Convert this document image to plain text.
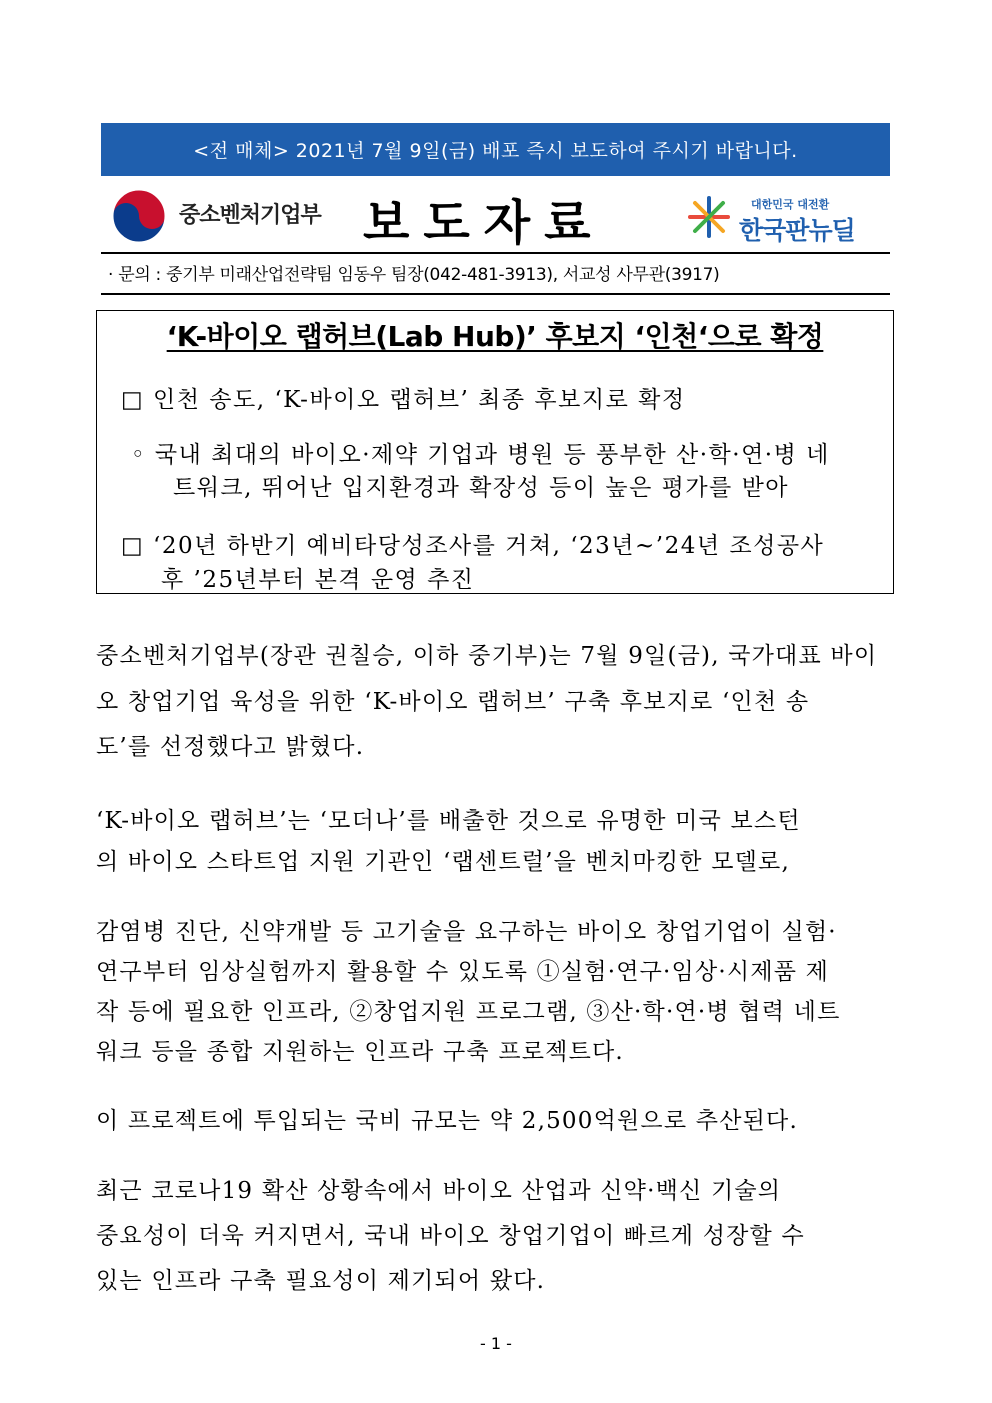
<전 매체> 2021년 7월 9일(금) 배포 즉시 보도하여 주시기 바랍니다.
중소벤처기업부 보도자료	대한민국 대전환
한국판뉴딜
· 문의 : 중기부 미래산업전략팀 임동우 팀장(042-481-3913), 서교성 사무관(3917)
‘K-바이오 랩허브(Lab Hub)’ 후보지 ‘인천‘으로 확정
□ 인천 송도, ‘K-바이오 랩허브’ 최종 후보지로 확정
◦ 국내 최대의 바이오·제약 기업과 병원 등 풍부한 산·학·연·병 네
트워크, 뛰어난 입지환경과 확장성 등이 높은 평가를 받아
□ ‘20년 하반기 예비타당성조사를 거쳐, ‘23년~’24년 조성공사
후 ’25년부터 본격 운영 추진
중소벤처기업부(장관 권칠승, 이하 중기부)는 7월 9일(금), 국가대표 바이
오 창업기업 육성을 위한 ‘K-바이오 랩허브’ 구축 후보지로 ‘인천 송
도’를 선정했다고 밝혔다.
‘K-바이오 랩허브’는 ‘모더나’를 배출한 것으로 유명한 미국 보스턴
의 바이오 스타트업 지원 기관인 ‘랩센트럴’을 벤치마킹한 모델로,
감염병 진단, 신약개발 등 고기술을 요구하는 바이오 창업기업이 실험·
연구부터 임상실험까지 활용할 수 있도록 ①실험·연구·임상·시제품 제
작 등에 필요한 인프라, ②창업지원 프로그램, ③산·학·연·병 협력 네트
워크 등을 종합 지원하는 인프라 구축 프로젝트다.
이 프로젝트에 투입되는 국비 규모는 약 2,500억원으로 추산된다.
최근 코로나19 확산 상황속에서 바이오 산업과 신약·백신 기술의
중요성이 더욱 커지면서, 국내 바이오 창업기업이 빠르게 성장할 수
있는 인프라 구축 필요성이 제기되어 왔다.
- 1 -
